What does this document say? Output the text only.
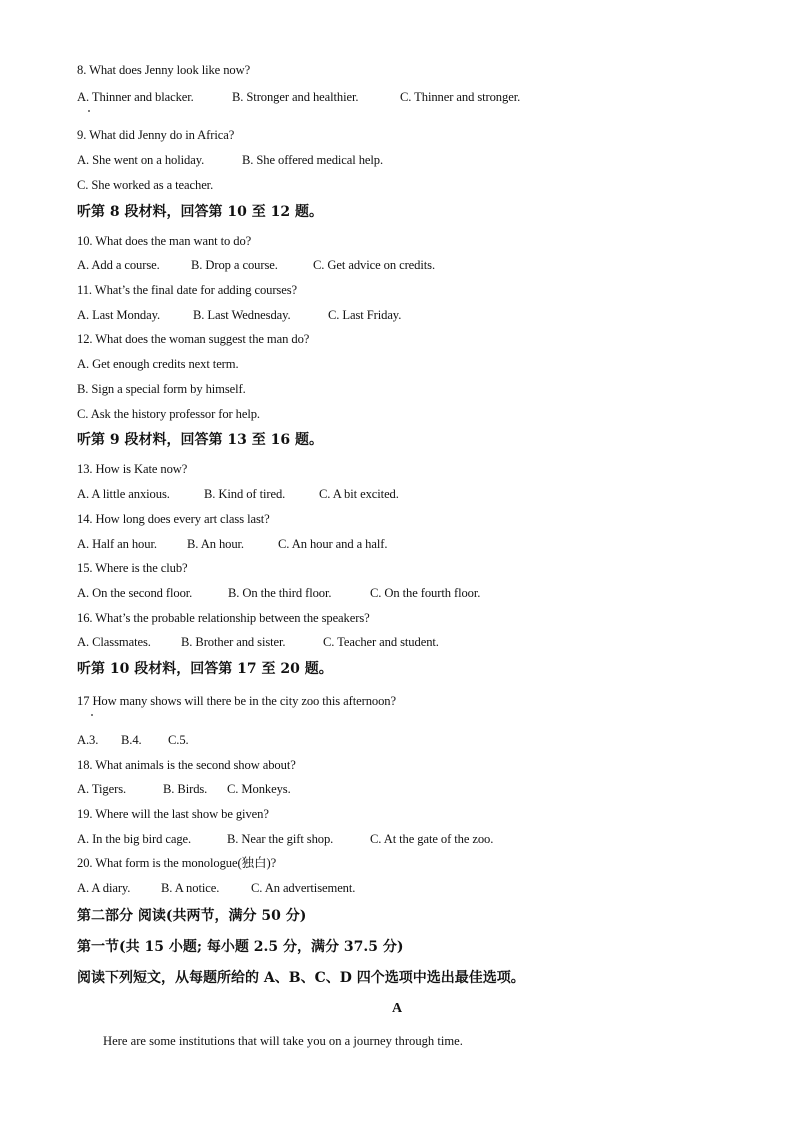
8. What does Jenny look like now?
A. Thinner and blacker.	B. Stronger and healthier.	C. Thinner and stronger.
9. What did Jenny do in Africa?
A. She went on a holiday.	B. She offered medical help.
C. She worked as a teacher.
听第 8 段材料，回答第 10 至 12 题。
10. What does the man want to do?
A. Add a course. B. Drop a course.	C. Get advice on credits.
11. What’s the final date for adding courses?
A. Last Monday.	B. Last Wednesday.	C. Last Friday.
12. What does the woman suggest the man do?
A. Get enough credits next term.
B. Sign a special form by himself.
C. Ask the history professor for help.
听第 9 段材料，回答第 13 至 16 题。
13. How is Kate now?
A. A little anxious.	B. Kind of tired.	C. A bit excited.
14. How long does every art class last?
A. Half an hour. B. An hour.	C. An hour and a half.
15. Where is the club?
A. On the second floor.	B. On the third floor.	C. On the fourth floor.
16. What’s the probable relationship between the speakers?
A. Classmates. B. Brother and sister.	C. Teacher and student.
听第 10 段材料，回答第 17 至 20 题。
17 How many shows will there be in the city zoo this afternoon?
A.3. B.4. C.5.
18. What animals is the second show about?
A. Tigers.	B. Birds. C. Monkeys.
19. Where will the last show be given?
A. In the big bird cage.	B. Near the gift shop.	C. At the gate of the zoo.
20. What form is the monologue(独白)?
A. A diary. B. A notice.	C. An advertisement.
第二部分 阅读(共两节，满分 50 分)
第一节(共 15 小题; 每小题 2.5 分，满分 37.5 分)
阅读下列短文，从每题所给的 A、B、C、D 四个选项中选出最佳选项。
A
Here are some institutions that will take you on a journey through time.
